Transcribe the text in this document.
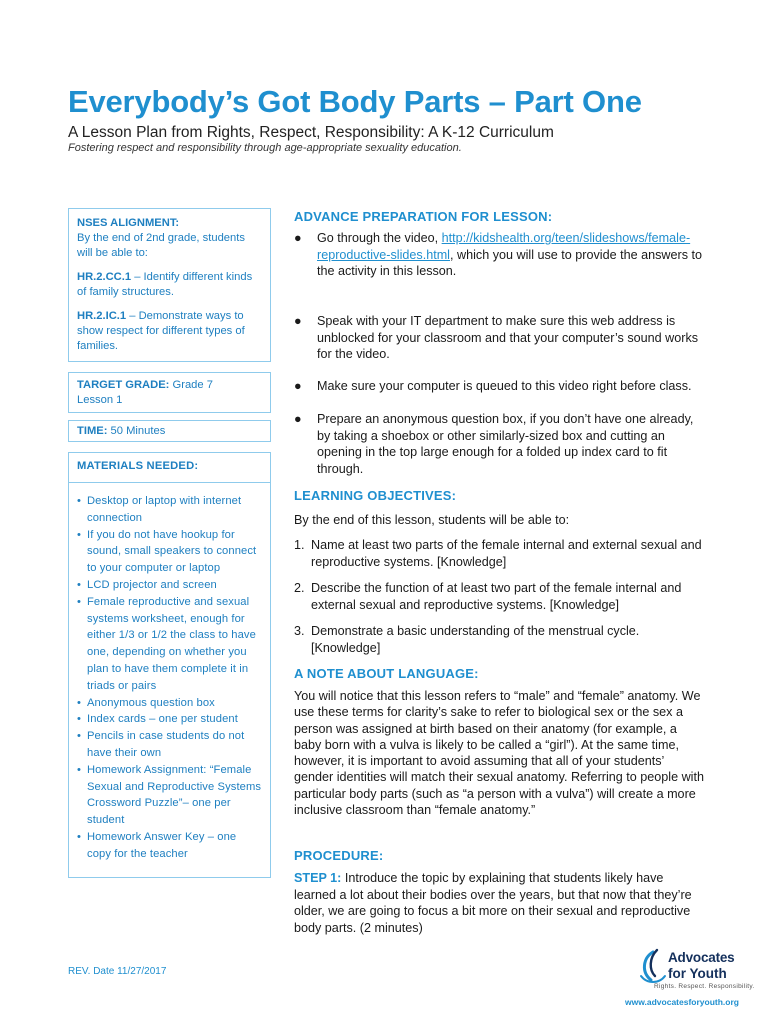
Everybody’s Got Body Parts – Part One
A Lesson Plan from Rights, Respect, Responsibility: A K-12 Curriculum
Fostering respect and responsibility through age-appropriate sexuality education.

NSES ALIGNMENT:
By the end of 2nd grade, students will be able to:

HR.2.CC.1 – Identify different kinds of family structures.

HR.2.IC.1 – Demonstrate ways to show respect for different types of families.

TARGET GRADE: Grade 7
Lesson 1
TIME: 50 Minutes
MATERIALS NEEDED:
• Desktop or laptop with internet connection
• If you do not have hookup for sound, small speakers to connect to your computer or laptop
• LCD projector and screen
• Female reproductive and sexual systems worksheet, enough for either 1/3 or 1/2 the class to have one, depending on whether you plan to have them complete it in triads or pairs
• Anonymous question box
• Index cards – one per student
• Pencils in case students do not have their own
• Homework Assignment: “Female Sexual and Reproductive Systems Crossword Puzzle”– one per student
• Homework Answer Key – one copy for the teacher
REV. Date 11/27/2017
ADVANCE PREPARATION FOR LESSON:
● Go through the video, http://kidshealth.org/teen/slideshows/female-reproductive-slides.html, which you will use to provide the answers to the activity in this lesson.
● Speak with your IT department to make sure this web address is unblocked for your classroom and that your computer’s sound works for the video.
● Make sure your computer is queued to this video right before class.
● Prepare an anonymous question box, if you don’t have one already, by taking a shoebox or other similarly-sized box and cutting an opening in the top large enough for a folded up index card to fit through.
LEARNING OBJECTIVES:
By the end of this lesson, students will be able to:
1. Name at least two parts of the female internal and external sexual and reproductive systems. [Knowledge]
2. Describe the function of at least two part of the female internal and external sexual and reproductive systems. [Knowledge]
3. Demonstrate a basic understanding of the menstrual cycle. [Knowledge]
A NOTE ABOUT LANGUAGE:
You will notice that this lesson refers to “male” and “female” anatomy. We use these terms for clarity’s sake to refer to biological sex or the sex a person was assigned at birth based on their anatomy (for example, a baby born with a vulva is likely to be called a “girl”). At the same time, however, it is important to avoid assuming that all of your students’ gender identities will match their sexual anatomy. Referring to people with particular body parts (such as “a person with a vulva”) will create a more inclusive classroom than “female anatomy.”
PROCEDURE:
STEP 1: Introduce the topic by explaining that students likely have learned a lot about their bodies over the years, but that now that they’re older, we are going to focus a bit more on their sexual and reproductive body parts. (2 minutes)
Advocates
for Youth
Rights. Respect. Responsibility.
www.advocatesforyouth.org
